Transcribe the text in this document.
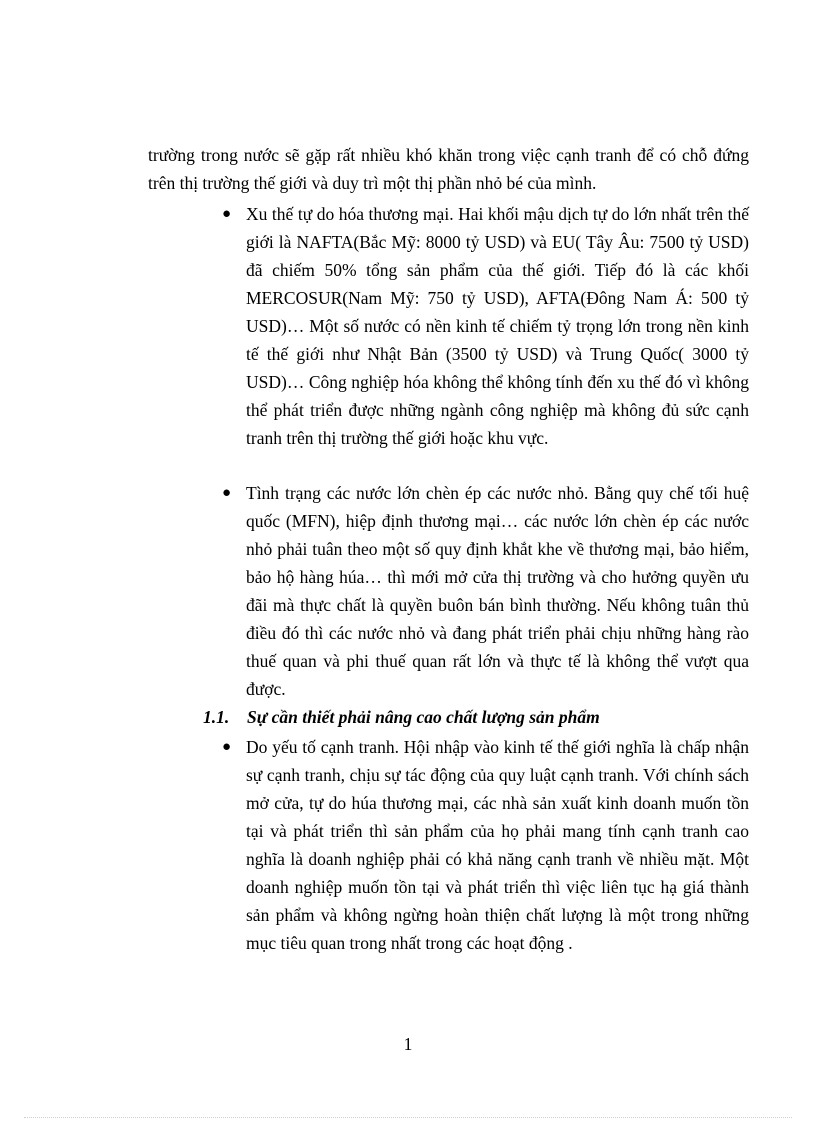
trường trong nước sẽ gặp rất nhiều khó khăn trong việc cạnh tranh để có chỗ đứng trên thị trường thế giới và duy trì một thị phần nhỏ bé của mình.

● Xu thế tự do hóa thương mại. Hai khối mậu dịch tự do lớn nhất trên thế giới là NAFTA(Bắc Mỹ: 8000 tỷ USD) và EU( Tây Âu: 7500 tỷ USD) đã chiếm 50% tổng sản phẩm của thế giới. Tiếp đó là các khối MERCOSUR(Nam Mỹ: 750 tỷ USD), AFTA(Đông Nam Á: 500 tỷ USD)… Một số nước có nền kinh tế chiếm tỷ trọng lớn trong nền kinh tế thế giới như Nhật Bản (3500 tỷ USD) và Trung Quốc( 3000 tỷ USD)… Công nghiệp hóa không thể không tính đến xu thế đó vì không thể phát triển được những ngành công nghiệp mà không đủ sức cạnh tranh trên thị trường thế giới hoặc khu vực.

● Tình trạng các nước lớn chèn ép các nước nhỏ. Bằng quy chế tối huệ quốc (MFN), hiệp định thương mại… các nước lớn chèn ép các nước nhỏ phải tuân theo một số quy định khắt khe về thương mại, bảo hiểm, bảo hộ hàng húa… thì mới mở cửa thị trường và cho hưởng quyền ưu đãi mà thực chất là quyền buôn bán bình thường. Nếu không tuân thủ điều đó thì các nước nhỏ và đang phát triển phải chịu những hàng rào thuế quan và phi thuế quan rất lớn và thực tế là không thể vượt qua được.

1.1. Sự cần thiết phải nâng cao chất lượng sản phẩm
● Do yếu tố cạnh tranh. Hội nhập vào kinh tế thế giới nghĩa là chấp nhận sự cạnh tranh, chịu sự tác động của quy luật cạnh tranh. Với chính sách mở cửa, tự do húa thương mại, các nhà sản xuất kinh doanh muốn tồn tại và phát triển thì sản phẩm của họ phải mang tính cạnh tranh cao nghĩa là doanh nghiệp phải có khả năng cạnh tranh về nhiều mặt. Một doanh nghiệp muốn tồn tại và phát triển thì việc liên tục hạ giá thành sản phẩm và không ngừng hoàn thiện chất lượng là một trong những mục tiêu quan trong nhất trong các hoạt động .

1
